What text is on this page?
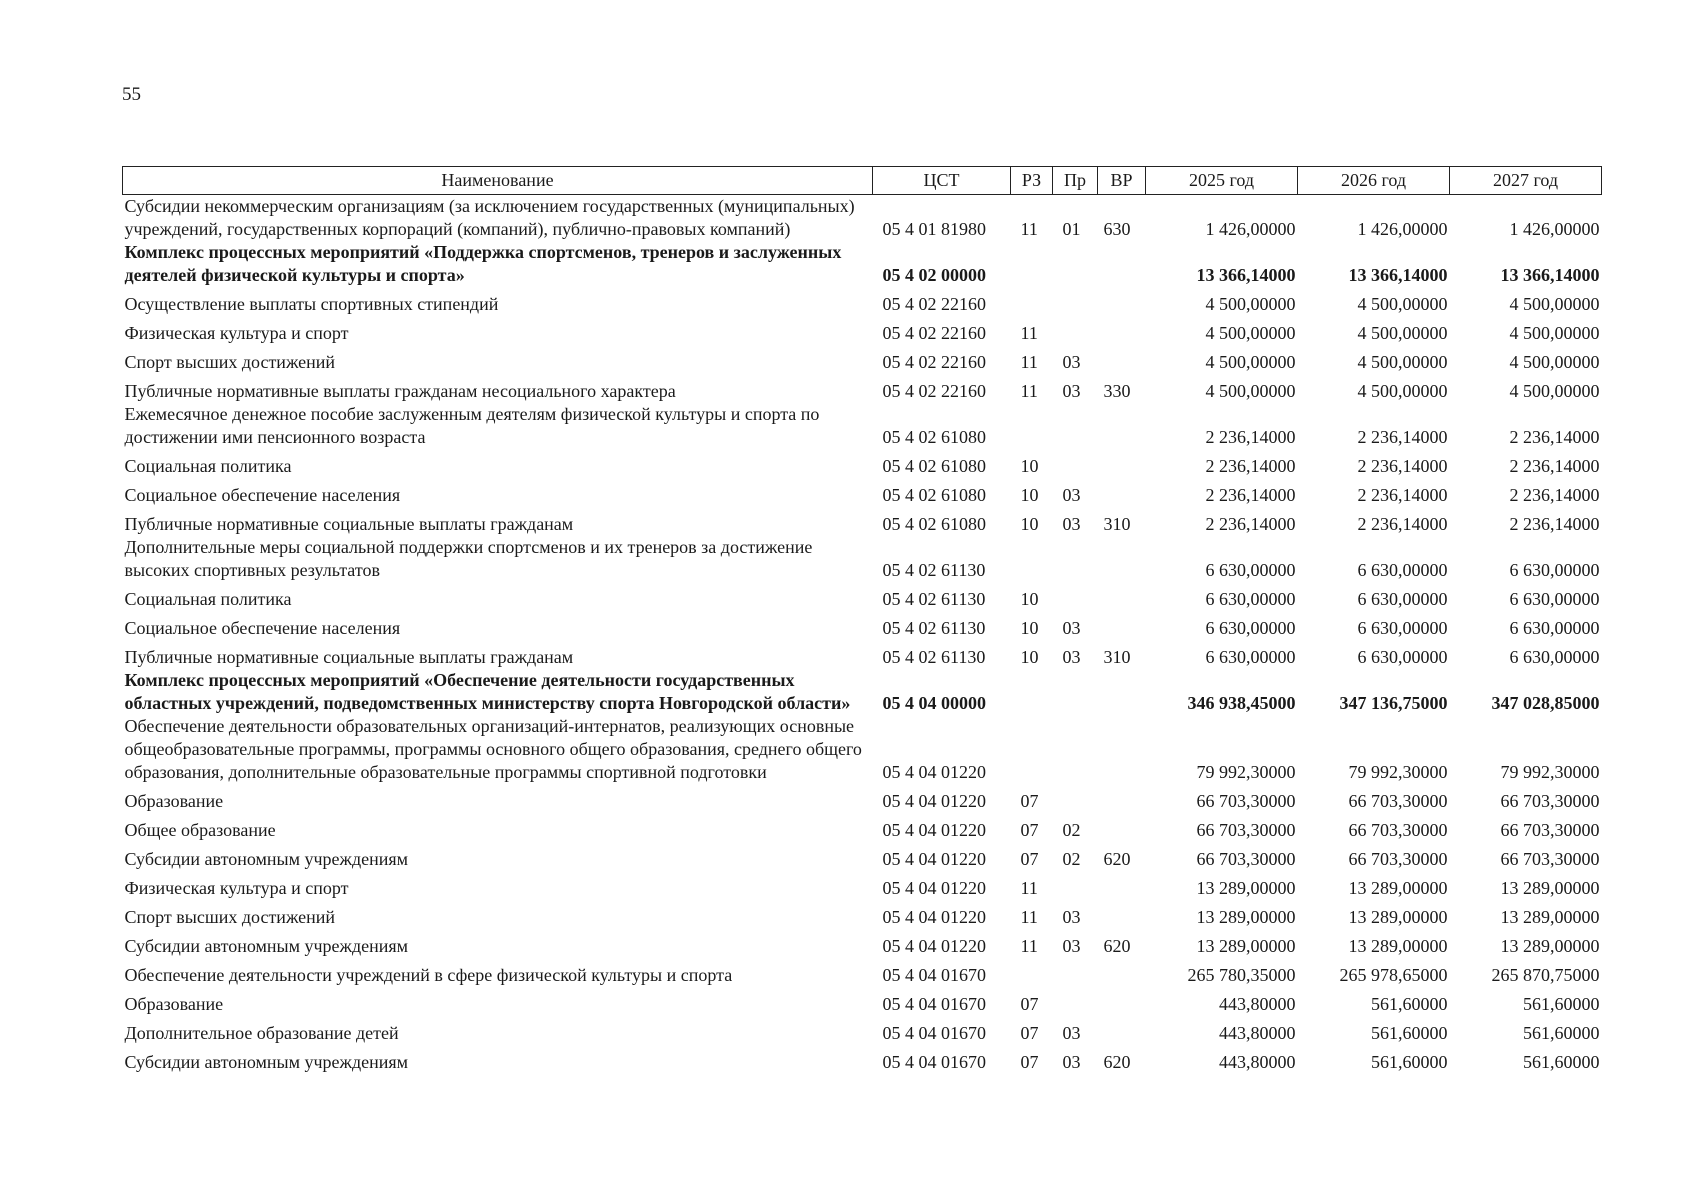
55
Наименование	ЦСТ	РЗ	Пр	ВР	2025 год	2026 год	2027 год
Субсидии некоммерческим организациям (за исключением государственных (муниципальных) учреждений, государственных корпораций (компаний), публично-правовых компаний)	05 4 01 81980	11	01	630	1 426,00000	1 426,00000	1 426,00000
Комплекс процессных мероприятий «Поддержка спортсменов, тренеров и заслуженных деятелей физической культуры и спорта»	05 4 02 00000				13 366,14000	13 366,14000	13 366,14000
Осуществление выплаты спортивных стипендий	05 4 02 22160				4 500,00000	4 500,00000	4 500,00000
Физическая культура и спорт	05 4 02 22160	11			4 500,00000	4 500,00000	4 500,00000
Спорт высших достижений	05 4 02 22160	11	03		4 500,00000	4 500,00000	4 500,00000
Публичные нормативные выплаты гражданам несоциального характера	05 4 02 22160	11	03	330	4 500,00000	4 500,00000	4 500,00000
Ежемесячное денежное пособие заслуженным деятелям физической культуры и спорта по достижении ими пенсионного возраста	05 4 02 61080				2 236,14000	2 236,14000	2 236,14000
Социальная политика	05 4 02 61080	10			2 236,14000	2 236,14000	2 236,14000
Социальное обеспечение населения	05 4 02 61080	10	03		2 236,14000	2 236,14000	2 236,14000
Публичные нормативные социальные выплаты гражданам	05 4 02 61080	10	03	310	2 236,14000	2 236,14000	2 236,14000
Дополнительные меры социальной поддержки спортсменов и их тренеров за достижение высоких спортивных результатов	05 4 02 61130				6 630,00000	6 630,00000	6 630,00000
Социальная политика	05 4 02 61130	10			6 630,00000	6 630,00000	6 630,00000
Социальное обеспечение населения	05 4 02 61130	10	03		6 630,00000	6 630,00000	6 630,00000
Публичные нормативные социальные выплаты гражданам	05 4 02 61130	10	03	310	6 630,00000	6 630,00000	6 630,00000
Комплекс процессных мероприятий «Обеспечение деятельности государственных областных учреждений, подведомственных министерству спорта Новгородской области»	05 4 04 00000				346 938,45000	347 136,75000	347 028,85000
Обеспечение деятельности образовательных организаций-интернатов, реализующих основные общеобразовательные программы, программы основного общего образования, среднего общего образования, дополнительные образовательные программы спортивной подготовки	05 4 04 01220				79 992,30000	79 992,30000	79 992,30000
Образование	05 4 04 01220	07			66 703,30000	66 703,30000	66 703,30000
Общее образование	05 4 04 01220	07	02		66 703,30000	66 703,30000	66 703,30000
Субсидии автономным учреждениям	05 4 04 01220	07	02	620	66 703,30000	66 703,30000	66 703,30000
Физическая культура и спорт	05 4 04 01220	11			13 289,00000	13 289,00000	13 289,00000
Спорт высших достижений	05 4 04 01220	11	03		13 289,00000	13 289,00000	13 289,00000
Субсидии автономным учреждениям	05 4 04 01220	11	03	620	13 289,00000	13 289,00000	13 289,00000
Обеспечение деятельности учреждений в сфере физической культуры и спорта	05 4 04 01670				265 780,35000	265 978,65000	265 870,75000
Образование	05 4 04 01670	07			443,80000	561,60000	561,60000
Дополнительное образование детей	05 4 04 01670	07	03		443,80000	561,60000	561,60000
Субсидии автономным учреждениям	05 4 04 01670	07	03	620	443,80000	561,60000	561,60000
